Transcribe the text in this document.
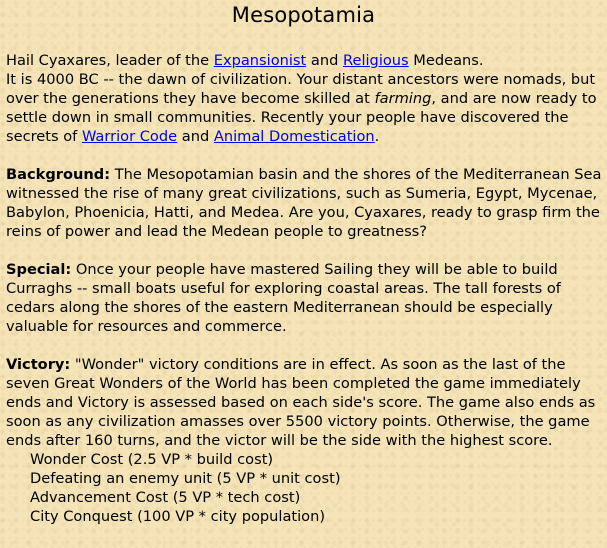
Mesopotamia

Hail Cyaxares, leader of the Expansionist and Religious Medeans.
It is 4000 BC -- the dawn of civilization. Your distant ancestors were nomads, but over the generations they have become skilled at farming, and are now ready to settle down in small communities. Recently your people have discovered the secrets of Warrior Code and Animal Domestication.

Background: The Mesopotamian basin and the shores of the Mediterranean Sea witnessed the rise of many great civilizations, such as Sumeria, Egypt, Mycenae, Babylon, Phoenicia, Hatti, and Medea. Are you, Cyaxares, ready to grasp firm the reins of power and lead the Medean people to greatness?

Special: Once your people have mastered Sailing they will be able to build Curraghs -- small boats useful for exploring coastal areas. The tall forests of cedars along the shores of the eastern Mediterranean should be especially valuable for resources and commerce.

Victory: "Wonder" victory conditions are in effect. As soon as the last of the seven Great Wonders of the World has been completed the game immediately ends and Victory is assessed based on each side's score. The game also ends as soon as any civilization amasses over 5500 victory points. Otherwise, the game ends after 160 turns, and the victor will be the side with the highest score.

Wonder Cost (2.5 VP * build cost)
Defeating an enemy unit (5 VP * unit cost)
Advancement Cost (5 VP * tech cost)
City Conquest (100 VP * city population)
